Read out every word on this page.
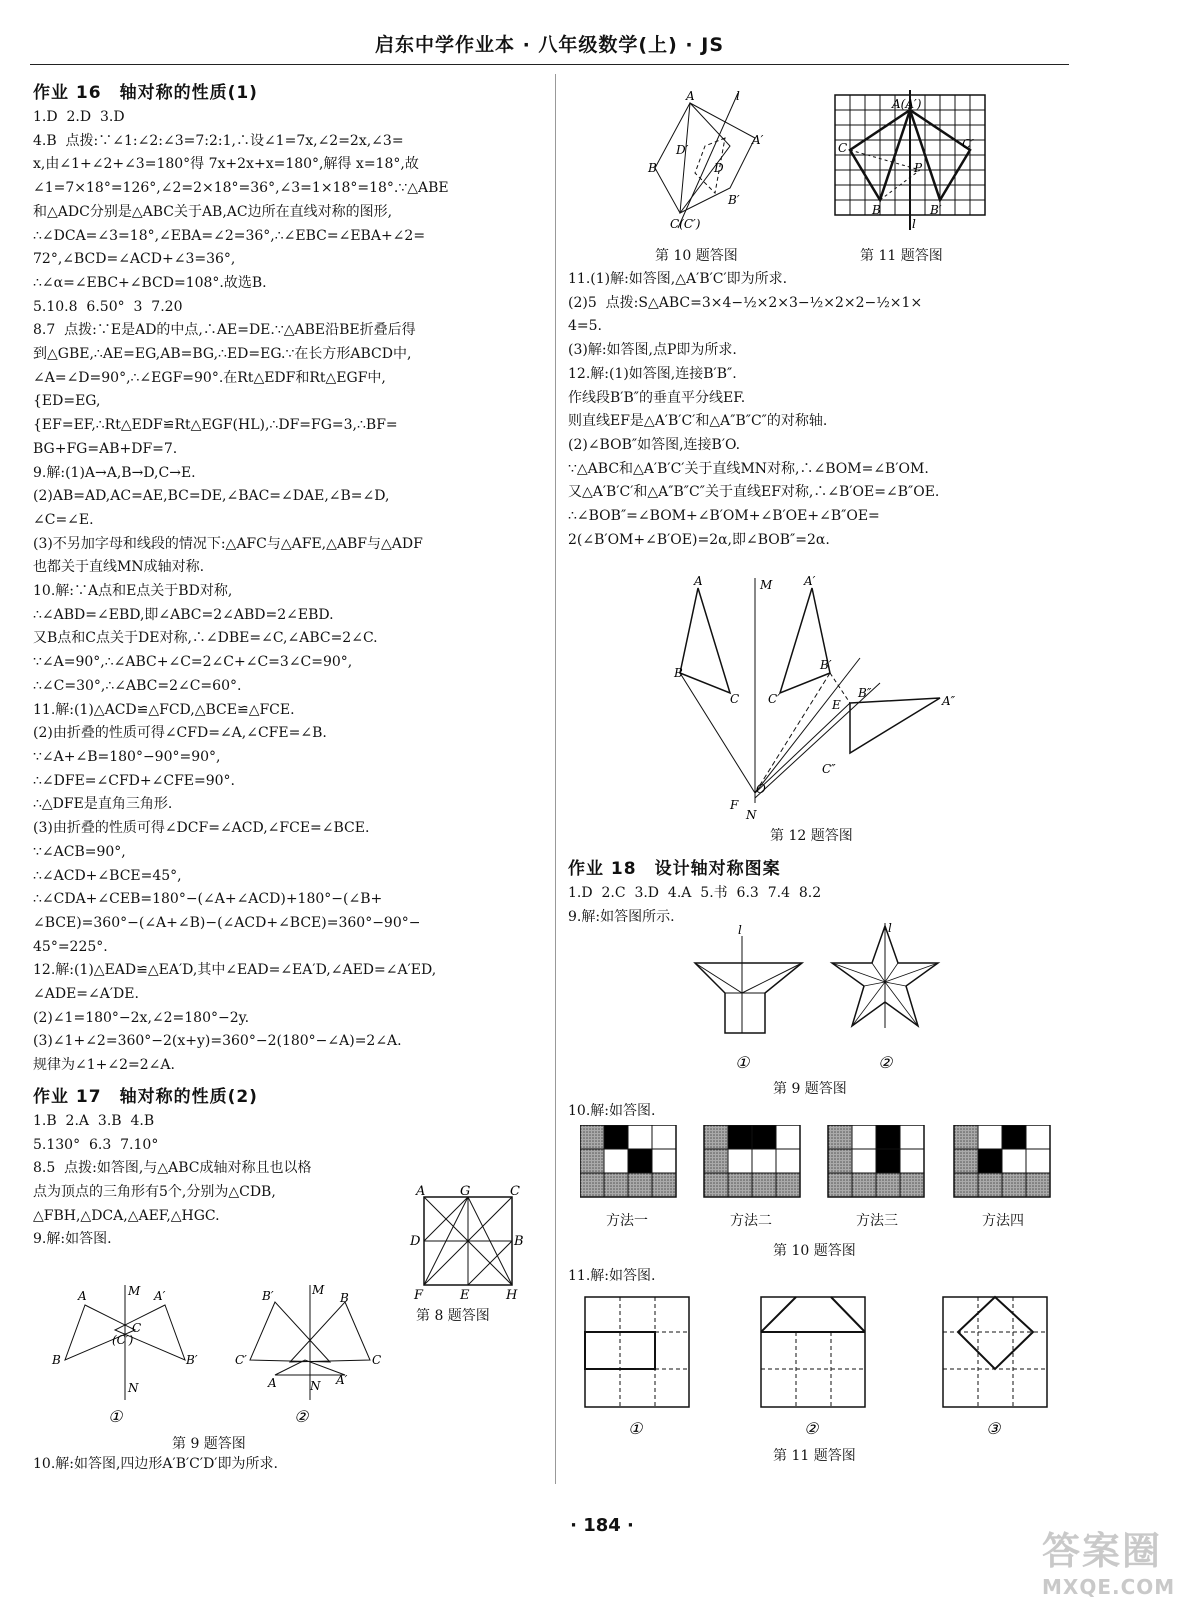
启东中学作业本 · 八年级数学(上) · JS
作业 16　轴对称的性质(1)
1.D  2.D  3.D
4.B  点拨:∵∠1:∠2:∠3=7:2:1,∴设∠1=7x,∠2=2x,∠3=
x,由∠1+∠2+∠3=180°得 7x+2x+x=180°,解得 x=18°,故
∠1=7×18°=126°,∠2=2×18°=36°,∠3=1×18°=18°.∵△ABE
和△ADC分别是△ABC关于AB,AC边所在直线对称的图形,
∴∠DCA=∠3=18°,∠EBA=∠2=36°,∴∠EBC=∠EBA+∠2=
72°,∠BCD=∠ACD+∠3=36°,
∴∠α=∠EBC+∠BCD=108°.故选B.
5.10.8  6.50°  3  7.20
8.7  点拨:∵E是AD的中点,∴AE=DE.∵△ABE沿BE折叠后得
到△GBE,∴AE=EG,AB=BG,∴ED=EG.∵在长方形ABCD中,
∠A=∠D=90°,∴∠EGF=90°.在Rt△EDF和Rt△EGF中,
{ED=EG,
{EF=EF,∴Rt△EDF≌Rt△EGF(HL),∴DF=FG=3,∴BF=
BG+FG=AB+DF=7.
9.解:(1)A→A,B→D,C→E.
(2)AB=AD,AC=AE,BC=DE,∠BAC=∠DAE,∠B=∠D,
∠C=∠E.
(3)不另加字母和线段的情况下:△AFC与△AFE,△ABF与△ADF
也都关于直线MN成轴对称.
10.解:∵A点和E点关于BD对称,
∴∠ABD=∠EBD,即∠ABC=2∠ABD=2∠EBD.
又B点和C点关于DE对称,∴∠DBE=∠C,∠ABC=2∠C.
∵∠A=90°,∴∠ABC+∠C=2∠C+∠C=3∠C=90°,
∴∠C=30°,∴∠ABC=2∠C=60°.
11.解:(1)△ACD≌△FCD,△BCE≌△FCE.
(2)由折叠的性质可得∠CFD=∠A,∠CFE=∠B.
∵∠A+∠B=180°−90°=90°,
∴∠DFE=∠CFD+∠CFE=90°.
∴△DFE是直角三角形.
(3)由折叠的性质可得∠DCF=∠ACD,∠FCE=∠BCE.
∵∠ACB=90°,
∴∠ACD+∠BCE=45°,
∴∠CDA+∠CEB=180°−(∠A+∠ACD)+180°−(∠B+
∠BCE)=360°−(∠A+∠B)−(∠ACD+∠BCE)=360°−90°−
45°=225°.
12.解:(1)△EAD≌△EA′D,其中∠EAD=∠EA′D,∠AED=∠A′ED,
∠ADE=∠A′DE.
(2)∠1=180°−2x,∠2=180°−2y.
(3)∠1+∠2=360°−2(x+y)=360°−2(180°−∠A)=2∠A.
规律为∠1+∠2=2∠A.
作业 17　轴对称的性质(2)
1.B  2.A  3.B  4.B
5.130°  6.3  7.10°
8.5  点拨:如答图,与△ABC成轴对称且也以格
点为顶点的三角形有5个,分别为△CDB,
△FBH,△DCA,△AEF,△HGC.
9.解:如答图.
A	G	C
D	B
F	E	H
第 8 题答图
A	M A′
B	B′
C
(C′)
N
①
B′	M
B
C′	C
A	N A′
②
第 9 题答图
10.解:如答图,四边形A′B′C′D′即为所求.
A	l
A′
B
D′
D
B′
C(C′)
第 10 题答图
A(A′)
C	C′
B	B′
P
l
第 11 题答图
11.(1)解:如答图,△A′B′C′即为所求.
(2)5  点拨:S△ABC=3×4−½×2×3−½×2×2−½×1×
4=5.
(3)解:如答图,点P即为所求.
12.解:(1)如答图,连接B′B″.
作线段B′B″的垂直平分线EF.
则直线EF是△A′B′C′和△A″B″C″的对称轴.
(2)∠BOB″如答图,连接B′O.
∵△ABC和△A′B′C′关于直线MN对称,∴∠BOM=∠B′OM.
又△A′B′C′和△A″B″C″关于直线EF对称,∴∠B′OE=∠B″OE.
∴∠BOB″=∠BOM+∠B′OM+∠B′OE+∠B″OE=
2(∠B′OM+∠B′OE)=2α,即∠BOB″=2α.
A	M	A′
B
C C′
B′
B″
E	A″
C″
O
F
N
第 12 题答图
作业 18　设计轴对称图案
1.D  2.C  3.D  4.A  5.书  6.3  7.4  8.2
9.解:如答图所示.
l
①
l
②
第 9 题答图
10.解:如答图.
方法一	方法二	方法三	方法四
第 10 题答图
11.解:如答图.
①	②	③
第 11 题答图
· 184 ·
答案圈
MXQE.COM
